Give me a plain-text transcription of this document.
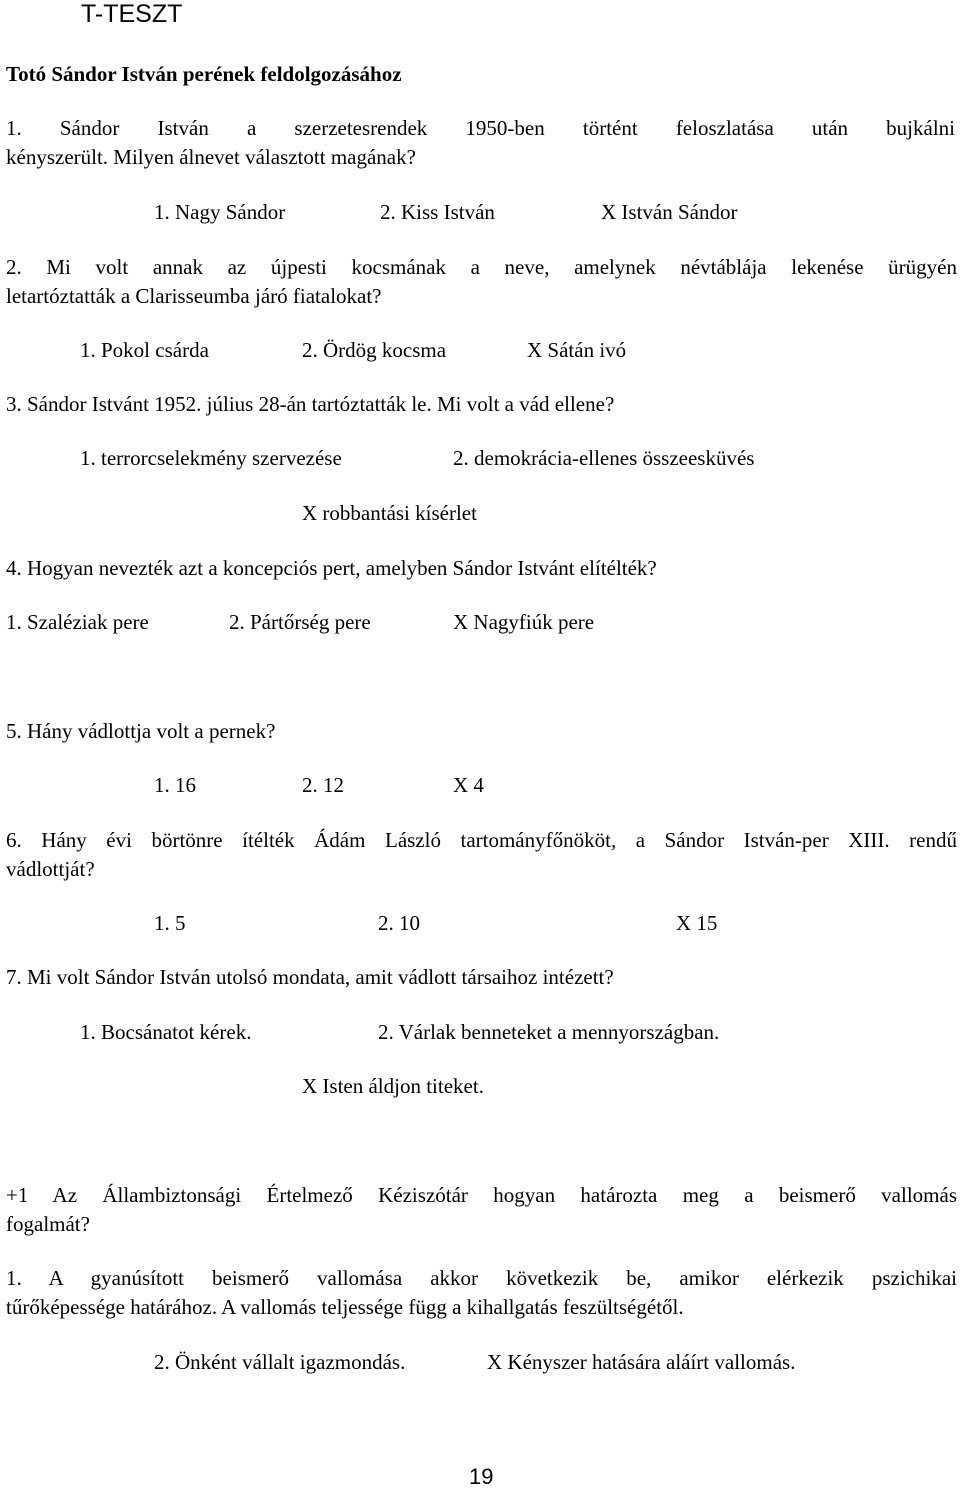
T-TESZT
Totó Sándor István perének feldolgozásához
1. Sándor István a szerzetesrendek 1950-ben történt feloszlatása után bujkálni
kényszerült. Milyen álnevet választott magának?
1. Nagy Sándor	2. Kiss István	X István Sándor
2. Mi volt annak az újpesti kocsmának a neve, amelynek névtáblája lekenése ürügyén
letartóztatták a Clarisseumba járó fiatalokat?
1. Pokol csárda	2. Ördög kocsma	X Sátán ivó
3. Sándor Istvánt 1952. július 28-án tartóztatták le. Mi volt a vád ellene?
1. terrorcselekmény szervezése	2. demokrácia-ellenes összeesküvés
X robbantási kísérlet
4. Hogyan nevezték azt a koncepciós pert, amelyben Sándor Istvánt elítélték?
1. Szaléziak pere	2. Pártőrség pere	X Nagyfiúk pere
5. Hány vádlottja volt a pernek?
1. 16	2. 12	X 4
6. Hány évi börtönre ítélték Ádám László tartományfőnököt, a Sándor István-per XIII. rendű
vádlottját?
1. 5	2. 10	X 15
7. Mi volt Sándor István utolsó mondata, amit vádlott társaihoz intézett?
1. Bocsánatot kérek.	2. Várlak benneteket a mennyországban.
X Isten áldjon titeket.
+1 Az Állambiztonsági Értelmező Kéziszótár hogyan határozta meg a beismerő vallomás
fogalmát?
1. A gyanúsított beismerő vallomása akkor következik be, amikor elérkezik pszichikai
tűrőképessége határához. A vallomás teljessége függ a kihallgatás feszültségétől.
2. Önként vállalt igazmondás.	X Kényszer hatására aláírt vallomás.
19
